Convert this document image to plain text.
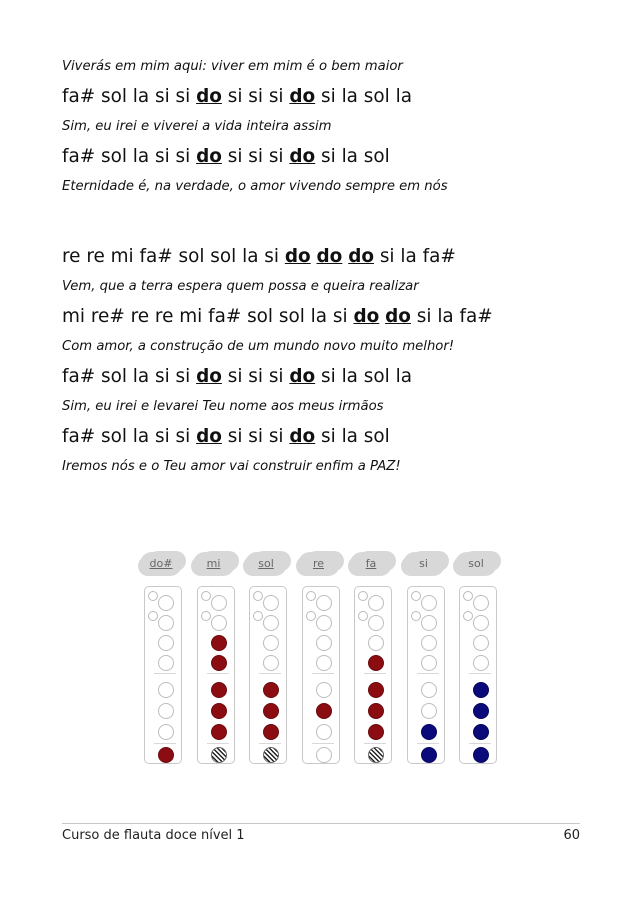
Viverás em mim aqui: viver em mim é o bem maior
fa# sol la si si do si si si do si la sol la
Sim, eu irei e viverei a vida inteira assim
fa# sol la si si do si si si do si la sol
Eternidade é, na verdade, o amor vivendo sempre em nós
re re mi fa# sol sol la si do do do si la fa#
Vem, que a terra espera quem possa e queira realizar
mi re# re re mi fa# sol sol la si do do si la fa#
Com amor, a construção de um mundo novo muito melhor!
fa# sol la si si do si si si do si la sol la
Sim, eu irei e levarei Teu nome aos meus irmãos
fa# sol la si si do si si si do si la sol
Iremos nós e o Teu amor vai construir enfim a PAZ!
do#	mi	sol	re	fa	si	sol
Curso de flauta doce nível 1	60
